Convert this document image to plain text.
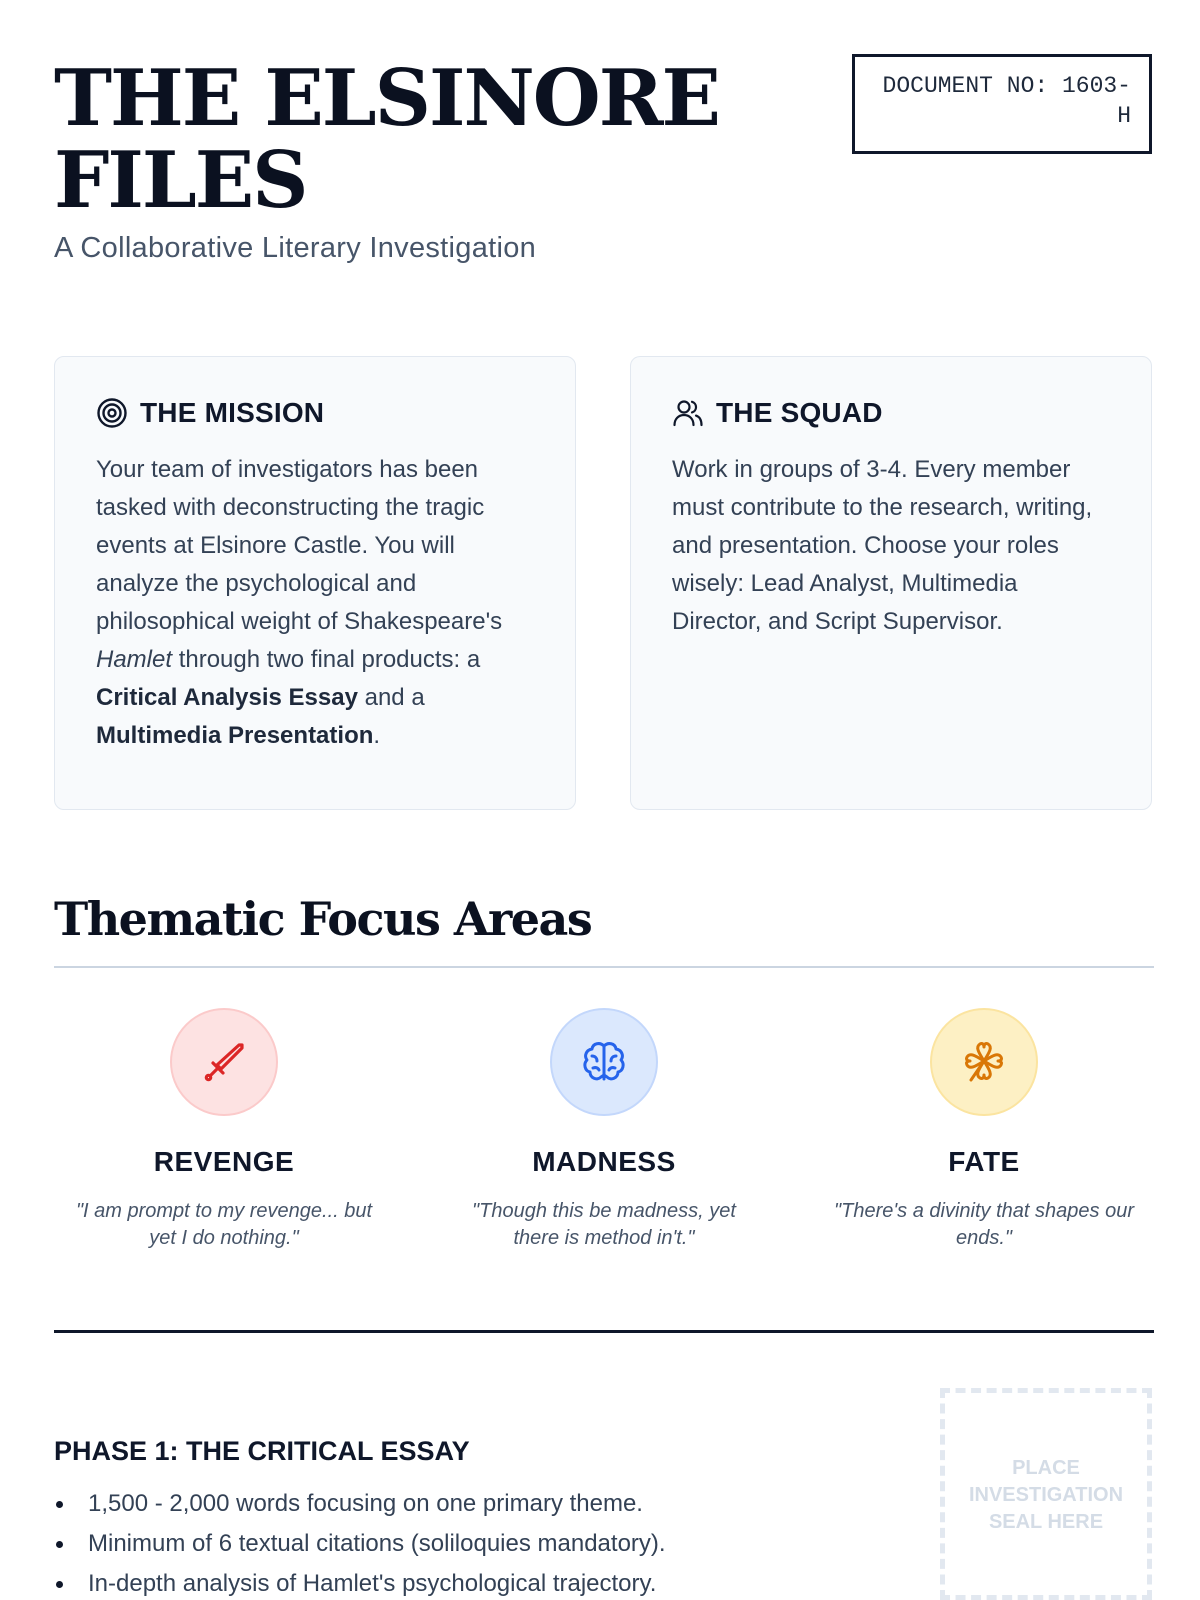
THE ELSINORE FILES
A Collaborative Literary Investigation
DOCUMENT NO: 1603-H
THE MISSION

Your team of investigators has been tasked with deconstructing the tragic events at Elsinore Castle. You will analyze the psychological and philosophical weight of Shakespeare's Hamlet through two final products: a Critical Analysis Essay and a Multimedia Presentation.

THE SQUAD

Work in groups of 3-4. Every member must contribute to the research, writing, and presentation. Choose your roles wisely: Lead Analyst, Multimedia Director, and Script Supervisor.

Thematic Focus Areas
REVENGE
"I am prompt to my revenge... but yet I do nothing."
MADNESS
"Though this be madness, yet there is method in't."
FATE
"There's a divinity that shapes our ends."
PHASE 1: THE CRITICAL ESSAY
1,500 - 2,000 words focusing on one primary theme.
Minimum of 6 textual citations (soliloquies mandatory).
In-depth analysis of Hamlet's psychological trajectory.
PLACE INVESTIGATION SEAL HERE
